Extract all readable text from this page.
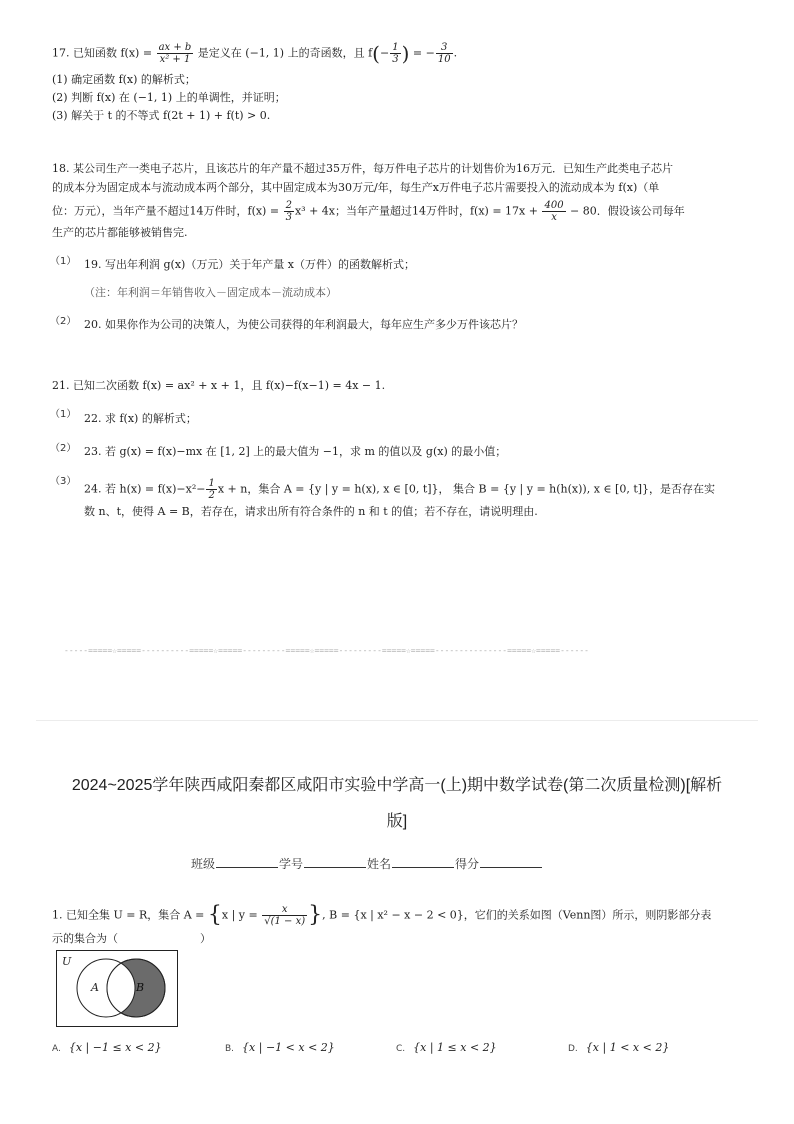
17. 已知函数 $f(x) = \frac{ax + b}{\text{x² + 1}}$ 是定义在 (−1, 1) 上的奇函数，且 $f(- \frac{1}{3}$ ) = − $\frac{3}{10}$ .
(1) 确定函数 f(x) 的解析式；
(2) 判断 f(x) 在 (−1, 1) 上的单调性，并证明；
(3) 解关于 t 的不等式 f(2t + 1) + f(t) > 0.
18. 某公司生产一类电子芯片，且该芯片的年产量不超过35万件，每万件电子芯片的计划售价为16万元．已知生产此类电子芯片
的成本分为固定成本与流动成本两个部分，其中固定成本为30万元/年，每生产x万件电子芯片需要投入的流动成本为 f(x)（单
位：万元），当年产量不超过14万件时，$f(x) = \frac{2}{3} x^3 + 4x$；当年产量超过14万件时，$f(x) = 17x + \frac{400}{x} - 80$．假设该公司每年
生产的芯片都能够被销售完.
（1） 19. 写出年利润 g(x)（万元）关于年产量 x（万件）的函数解析式；
（注：年利润＝年销售收入－固定成本－流动成本）
（2） 20. 如果你作为公司的决策人，为使公司获得的年利润最大，每年应生产多少万件该芯片？
21. 已知二次函数 f(x) = ax² + x + 1，且 f(x)−f(x−1) = 4x − 1.
（1） 22. 求 f(x) 的解析式；
（2） 23. 若 g(x) = f(x)−mx 在 [1, 2] 上的最大值为 −1，求 m 的值以及 g(x) 的最小值；
（3）
24. 若 $h(x) = f(x)-x^2- \frac{1}{2}$ x + n，集合 A = {y | y = h(x), x ∈ [0, t]}， 集合 B = {y | y = h(h(x)), x ∈ [0, t]}，是否存在实
数 n、t，使得 A = B，若存在，请求出所有符合条件的 n 和 t 的值；若不存在，请说明理由.
-----=====☆=====----------=====☆=====---------=====☆=====---------=====☆=====---------------=====☆=====------
2024~2025学年陕西咸阳秦都区咸阳市实验中学高一(上)期中数学试卷(第二次质量检测)[解析
版]
班级	学号	姓名	得分
1. 已知全集 U = R，集合 A = {x | $y = \frac{x}{√(1 - x)}$ }, B = {x | x² − x − 2 < 0}，它们的关系如图（Venn图）所示，则阴影部分表
示的集合为（	）
U
A	B
A. {x | −1 ≤ x < 2}	B. {x | −1 < x < 2}	C. {x | 1 ≤ x < 2}	D. {x | 1 < x < 2}
